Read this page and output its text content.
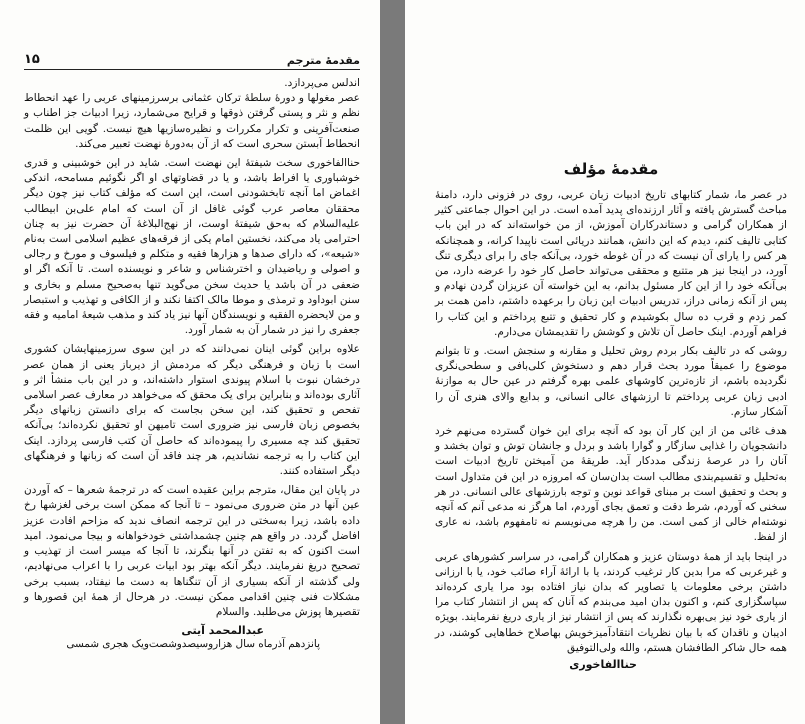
۱۵	مقدمهٔ مترجم

اندلس می‌پردازد.
عصر مغولها و دورهٔ سلطهٔ ترکان عثمانی برسرزمینهای عربی را عهد انحطاط نظم و نثر و پستی گرفتن ذوقها و قرایح می‌شمارد، زیرا ادبیات جز اطناب و صنعت‌آفرینی و تکرار مکررات و نظیره‌سازیها هیچ نیست. گویی این ظلمت انحطاط آبستن سحری است که از آن به‌دورهٔ نهضت تعبیر می‌کند.

حناالفاخوری سخت شیفتهٔ این نهضت است. شاید در این خوشبینی و قدری خوشباوری یا افراط باشد، و یا در قضاوتهای او اگر نگوئیم مسامحه، اندکی اغماض اما آنچه تابخشودنی است، این است که مؤلف کتاب نیز چون دیگر محققان معاصر عرب گوئی غافل از آن است که امام علی‌بن ابیطالب علیه‌السلام که به‌حق شیفتهٔ اوست، از نهج‌البلاغهٔ آن حضرت نیز به چنان احترامی یاد می‌کند، نخستین امام یکی از فرقه‌های عظیم اسلامی است به‌نام «شیعه»، که دارای صدها و هزارها فقیه و متکلم و فیلسوف و مورخ و رجالی و اصولی و ریاضیدان و اخترشناس و شاعر و نویسنده است. تا آنکه اگر او ضعفی در آن باشد یا حدیث سخن می‌گوید تنها به‌صحیح مسلم و بخاری و سنن ابوداود و ترمذی و موطا مالک اکتفا نکند و از الکافی و تهذیب و استبصار و من لایحضره الفقیه و نویسندگان آنها نیز یاد کند و مذهب شیعهٔ امامیه و فقه جعفری را نیز در شمار آن به‌ شمار آورد.

علاوه براین گوئی اینان نمی‌دانند که در این سوی سرزمینهایشان کشوری است با زبان و فرهنگی دیگر که مردمش از دیرباز یعنی از همان عصر درخشان نبوت با اسلام پیوندی استوار داشته‌اند، و در این باب منشأ اثر و آثاری بوده‌اند و بنابراین برای یک محقق که می‌خواهد در معارف عصر اسلامی تفحص و تحقیق کند، این سخن بجاست که برای دانستن زبانهای دیگر بخصوص زبان فارسی نیز ضروری است تامیهن او تحقیق نکرده‌اند؛ بی‌آنکه تحقیق کند چه مسیری را پیموده‌اند که حاصل آن کتب فارسی پردازد. اینک این کتاب را به ترجمه نشاندیم، هر چند فاقد آن است که زبانها و فرهنگهای دیگر استفاده کنند.

در پایان این مقال، مترجم براین عقیده است که در ترجمهٔ شعرها – که آوردن عین آنها در متن ضروری می‌نمود – تا آنجا که ممکن است برخی لغزشها رخ داده باشد، زیرا به‌سختی در این ترجمه انصاف ندید که مزاحم افادت عزیز افاضل گردد. در واقع هم چنین چشمداشتی خودخواهانه و بیجا می‌نمود. امید است اکنون که به تفتن در آنها بنگرند، تا آنجا که میسر است از تهذیب و تصحیح دریغ نفرمایند. دیگر آنکه بهتر بود ابیات عربی را با اعراب می‌نهادیم، ولی گذشته از آنکه بسیاری از آن تنگناها به دست ما نیفتاد، بسبب برخی مشکلات فنی چنین اقدامی ممکن نیست. در هرحال از همهٔ این قصورها و تقصیرها پوزش می‌طلبد. والسلام

عبدالمحمد آیتی
پانزدهم آذرماه سال هزاروسیصدوشصت‌ویک هجری شمسی
مقدمهٔ مؤلف

در عصر ما، شمار کتابهای تاریخ ادبیات زبان عربی، روی در فزونی دارد، دامنهٔ مباحث گسترش یافته و آثار ارزنده‌ای پدید آمده است. در این احوال جماعتی کثیر از همکاران گرامی و دستاندرکاران آموزش، از من خواسته‌اند که در این باب کتابی تالیف کنم، دیدم که این دانش، همانند دریائی است ناپیدا کرانه، و همچنانکه هر کس را یارای آن نیست که در آن غوطه خورد، بی‌آنکه جای را برای دیگری تنگ آورد، در اینجا نیز هر متتبع و محققی می‌تواند حاصل کار خود را عرضه دارد، من بی‌آنکه خود را از این کار مسئول بدانم، به این خواسته آن عزیزان گردن نهادم و پس از آنکه زمانی دراز، تدریس ادبیات این زبان را برعهده داشتم، دامن همت بر کمر زدم و قرب ده سال بکوشیدم و کار تحقیق و تتبع پرداختم و این کتاب را فراهم آوردم. اینک حاصل آن تلاش و کوشش را تقدیمشان می‌دارم.

روشی که در تالیف بکار بردم روش تحلیل و مقارنه و سنجش است. و تا بتوانم موضوع را عمیقاً مورد بحث قرار دهم و دستخوش کلی‌بافی و سطحی‌نگری نگردیده باشم، از تازه‌ترین کاوشهای علمی بهره گرفتم در عین حال به موازنهٔ ادبی زبان عربی پرداختم تا ارزشهای عالی انسانی، و بدایع والای هنری آن را آشکار سازم.

هدف غائی من از این کار آن بود که آنچه برای این خوان گسترده می‌نهم خرد دانشجویان را غذایی سازگار و گوارا باشد و بردل و جانشان توش و توان بخشد و آنان را در عرصهٔ زندگی مددکار آید. طریقهٔ من آمیختن تاریخ ادبیات است به‌تحلیل و تقسیم‌بندی مطالب است بدان‌سان که امروزه در این فن متداول است و بحث و تحقیق است بر مبنای قواعد نوین و توجه بارزشهای عالی انسانی. در هر سخنی که آوردم، شرط دقت و تعمق بجای آوردم، اما هرگز نه مدعی آنم که آنچه نوشته‌ام خالی از کمی است. من را هرچه می‌نویسم نه تامفهوم باشد، نه عاری از لفظ.

در اینجا باید از همهٔ دوستان عزیز و همکاران گرامی، در سراسر کشورهای عربی و غیرعربی که مرا بدین کار ترغیب کردند، یا با ارائهٔ آراء صائب خود، یا با ارزانی داشتن برخی معلومات یا تصاویر که بدان نیاز افتاده بود مرا یاری کرده‌اند سپاسگزاری کنم، و اکنون بدان امید می‌بندم که آنان که پس از انتشار کتاب مرا از یاری خود نیز بی‌بهره نگذارند که پس از انتشار نیز از یاری دریغ نفرمایند. بویژه ادیبان و ناقدان که با بیان نظریات انتقادآمیزخویش بهاصلاح خطاهایی کوشند، در همه حال شاکر الطافشان هستم، والله ولی‌التوفیق

حناالفاخوری
